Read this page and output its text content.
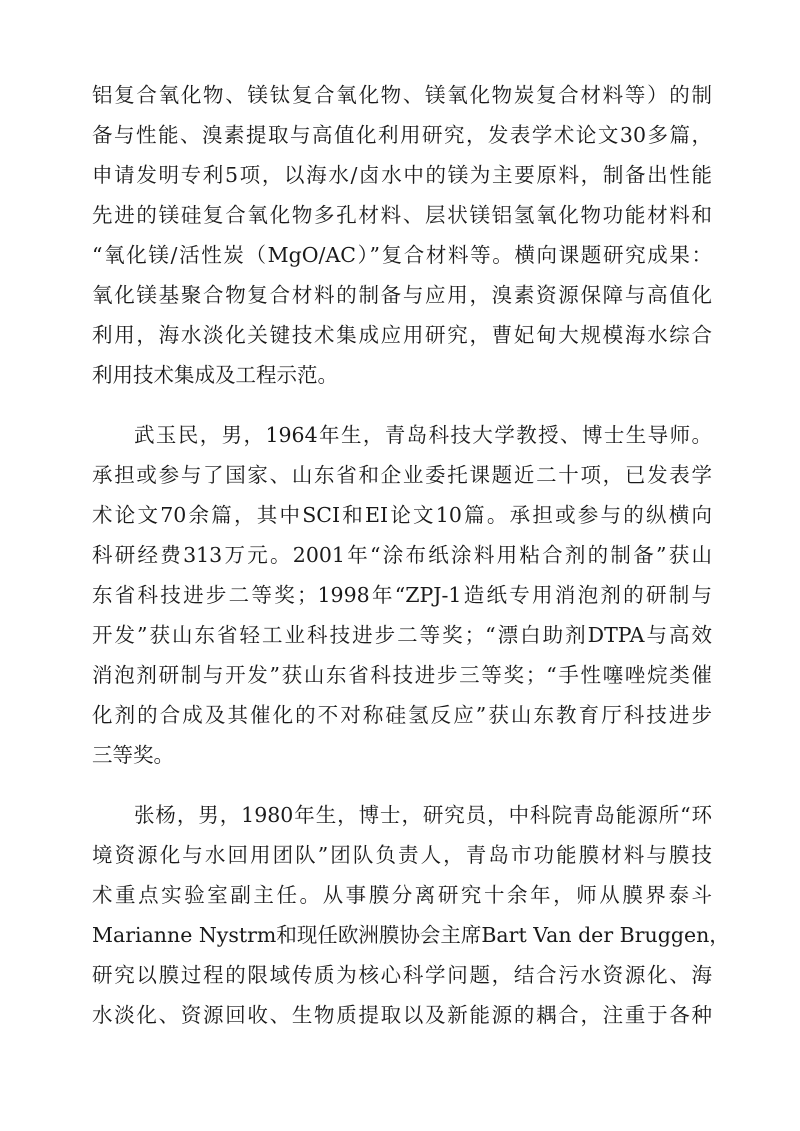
铝复合氧化物、镁钛复合氧化物、镁氧化物炭复合材料等）的制
备与性能、溴素提取与高值化利用研究，发表学术论文30多篇，
申请发明专利5项，以海水/卤水中的镁为主要原料，制备出性能
先进的镁硅复合氧化物多孔材料、层状镁铝氢氧化物功能材料和
“氧化镁/活性炭（MgO/AC）”复合材料等。横向课题研究成果：
氧化镁基聚合物复合材料的制备与应用，溴素资源保障与高值化
利用，海水淡化关键技术集成应用研究，曹妃甸大规模海水综合
利用技术集成及工程示范。
武玉民，男，1964年生，青岛科技大学教授、博士生导师。
承担或参与了国家、山东省和企业委托课题近二十项，已发表学
术论文70余篇，其中SCI和EI论文10篇。承担或参与的纵横向
科研经费313万元。2001年“涂布纸涂料用粘合剂的制备”获山
东省科技进步二等奖；1998年“ZPJ-1造纸专用消泡剂的研制与
开发”获山东省轻工业科技进步二等奖；“漂白助剂DTPA与高效
消泡剂研制与开发”获山东省科技进步三等奖；“手性噻唑烷类催
化剂的合成及其催化的不对称硅氢反应”获山东教育厅科技进步
三等奖。
张杨，男，1980年生，博士，研究员，中科院青岛能源所“环
境资源化与水回用团队”团队负责人，青岛市功能膜材料与膜技
术重点实验室副主任。从事膜分离研究十余年，师从膜界泰斗
Marianne Nystrm和现任欧洲膜协会主席Bart Van der Bruggen，
研究以膜过程的限域传质为核心科学问题，结合污水资源化、海
水淡化、资源回收、生物质提取以及新能源的耦合，注重于各种
